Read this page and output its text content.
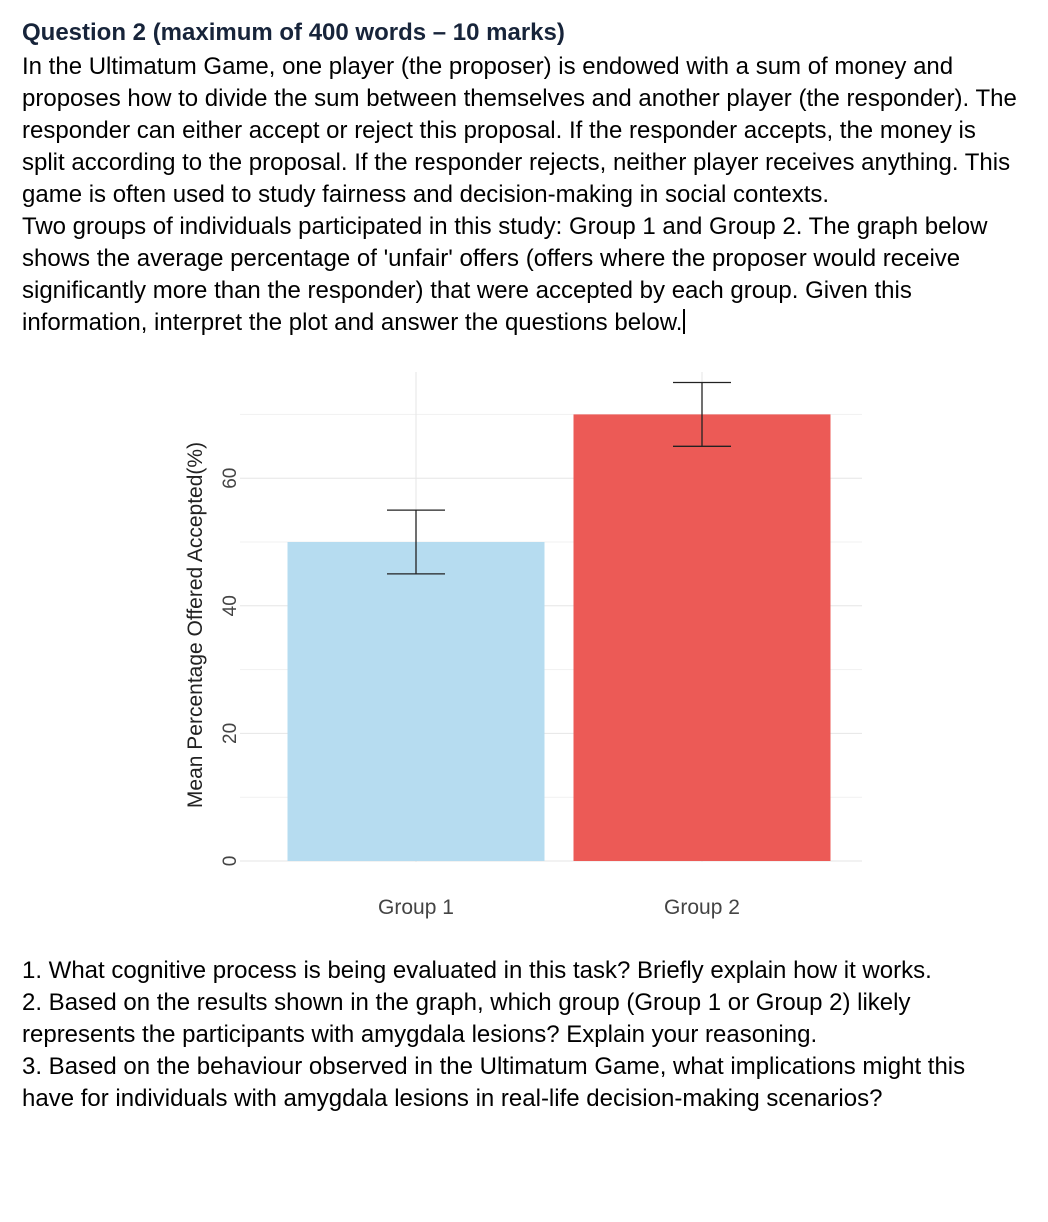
Question 2 (maximum of 400 words – 10 marks)

In the Ultimatum Game, one player (the proposer) is endowed with a sum of money and proposes how to divide the sum between themselves and another player (the responder). The responder can either accept or reject this proposal. If the responder accepts, the money is split according to the proposal. If the responder rejects, neither player receives anything. This game is often used to study fairness and decision-making in social contexts.

Two groups of individuals participated in this study: Group 1 and Group 2. The graph below shows the average percentage of 'unfair' offers (offers where the proposer would receive significantly more than the responder) that were accepted by each group. Given this information, interpret the plot and answer the questions below.

0
20
40
60
Group 1	Group 2
Mean Percentage Offered Accepted(%)

1. What cognitive process is being evaluated in this task? Briefly explain how it works.

2. Based on the results shown in the graph, which group (Group 1 or Group 2) likely represents the participants with amygdala lesions? Explain your reasoning.

3. Based on the behaviour observed in the Ultimatum Game, what implications might this have for individuals with amygdala lesions in real-life decision-making scenarios?
